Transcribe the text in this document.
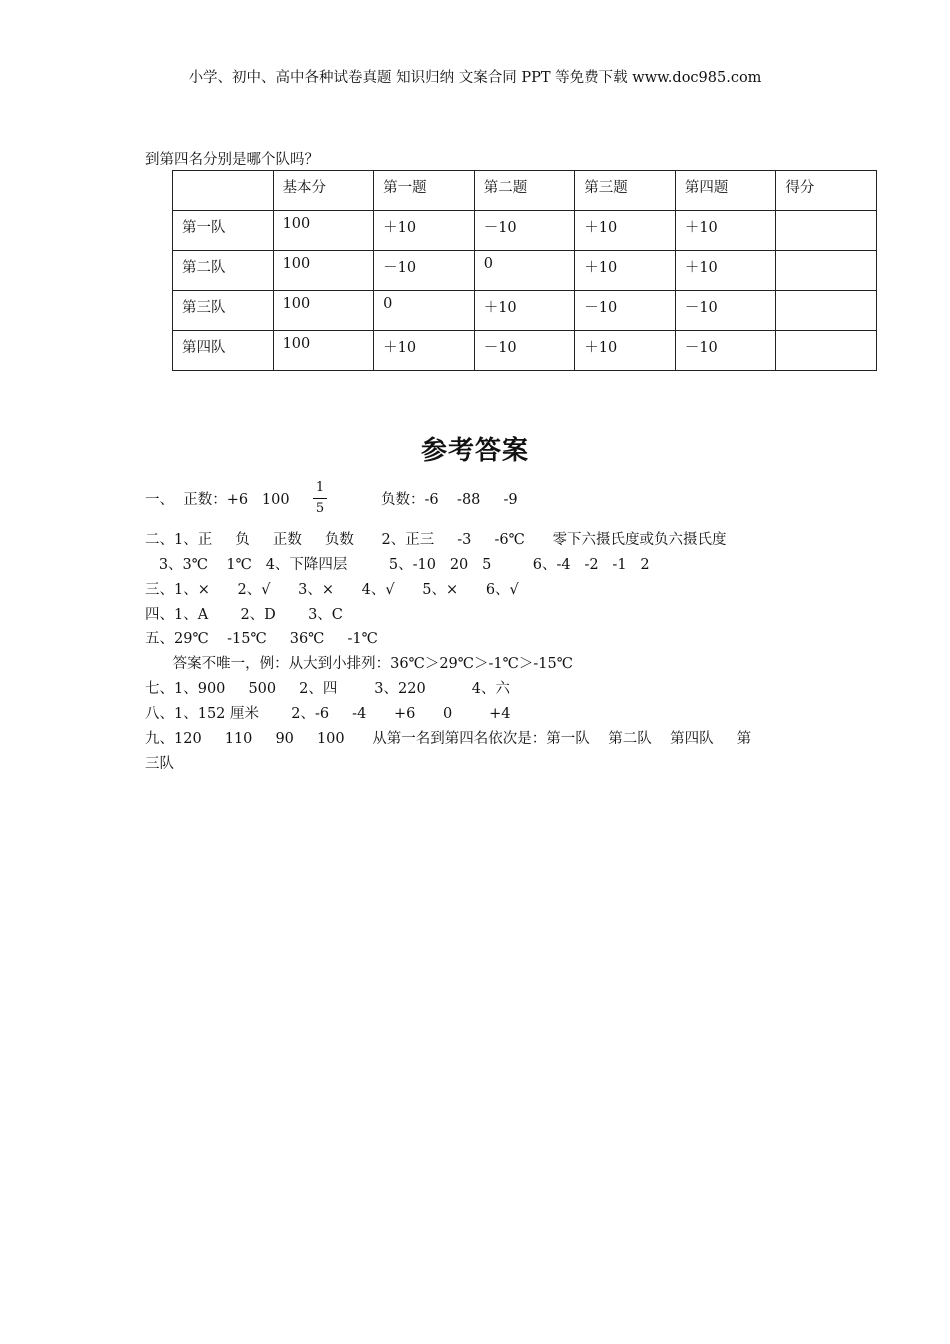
小学、初中、高中各种试卷真题 知识归纳 文案合同 PPT 等免费下载 www.doc985.com
到第四名分别是哪个队吗？
	基本分	第一题	第二题	第三题	第四题	得分
第一队	100	＋10	－10	＋10	＋10	
第二队	100	－10	0	＋10	＋10	
第三队	100	0	＋10	－10	－10	
第四队	100	＋10	－10	＋10	－10	
参考答案
一、  正数：+6   100
1
5
负数：-6    -88     -9
二、1、正     负     正数     负数      2、正三     -3     -6℃      零下六摄氏度或负六摄氏度
3、3℃    1℃   4、下降四层         5、-10   20   5         6、-4   -2   -1   2
三、1、×      2、√      3、×      4、√      5、×      6、√
四、1、A       2、D       3、C
五、29℃    -15℃     36℃     -1℃
答案不唯一，例：从大到小排列：36℃＞29℃＞-1℃＞-15℃
七、1、900     500     2、四        3、220          4、六
八、1、152 厘米       2、-6     -4      +6      0        +4
九、120     110     90     100      从第一名到第四名依次是：第一队    第二队    第四队     第
三队
